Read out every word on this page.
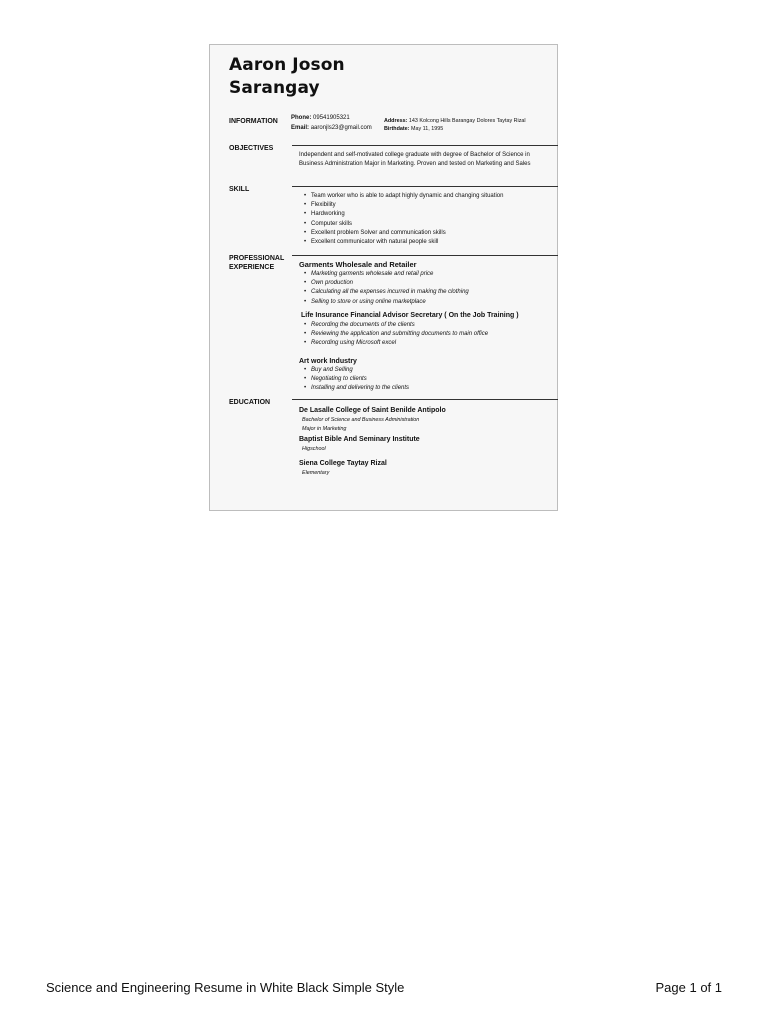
Aaron Joson
Sarangay

INFORMATION	Phone: 09541905321

Email: aaronjls23@gmail.com

Address: 143 Kolcong Hills Barangay Dolores Taytay Rizal

Birthdate: May 11, 1995

OBJECTIVES

Independent and self-motivated college graduate with degree of Bachelor of Science in Business Administration Major in Marketing. Proven and tested on Marketing and Sales

SKILL

• Team worker who is able to adapt highly dynamic and changing situation
• Flexibility
• Hardworking
• Computer skills
• Excellent problem Solver and communication skills
• Excellent communicator with natural people skill

PROFESSIONAL
EXPERIENCE	Garments Wholesale and Retailer

• Marketing garments wholesale and retail price
• Own production
• Calculating all the expenses incurred in making the clothing
• Selling to store or using online marketplace

Life Insurance Financial Advisor Secretary ( On the Job Training )

• Recording the documents of the clients
• Reviewing the application and submitting documents to main office
• Recording using Microsoft excel

Art work Industry

• Buy and Selling
• Negotiating to clients
• Installing and delivering to the clients

EDUCATION

De Lasalle College of Saint Benilde Antipolo

Bachelor of Science and Business Administration

Major in Marketing

Baptist Bible And Seminary Institute

Higschool

Siena College Taytay Rizal

Elementary

Science and Engineering Resume in White Black Simple Style	Page 1 of 1
